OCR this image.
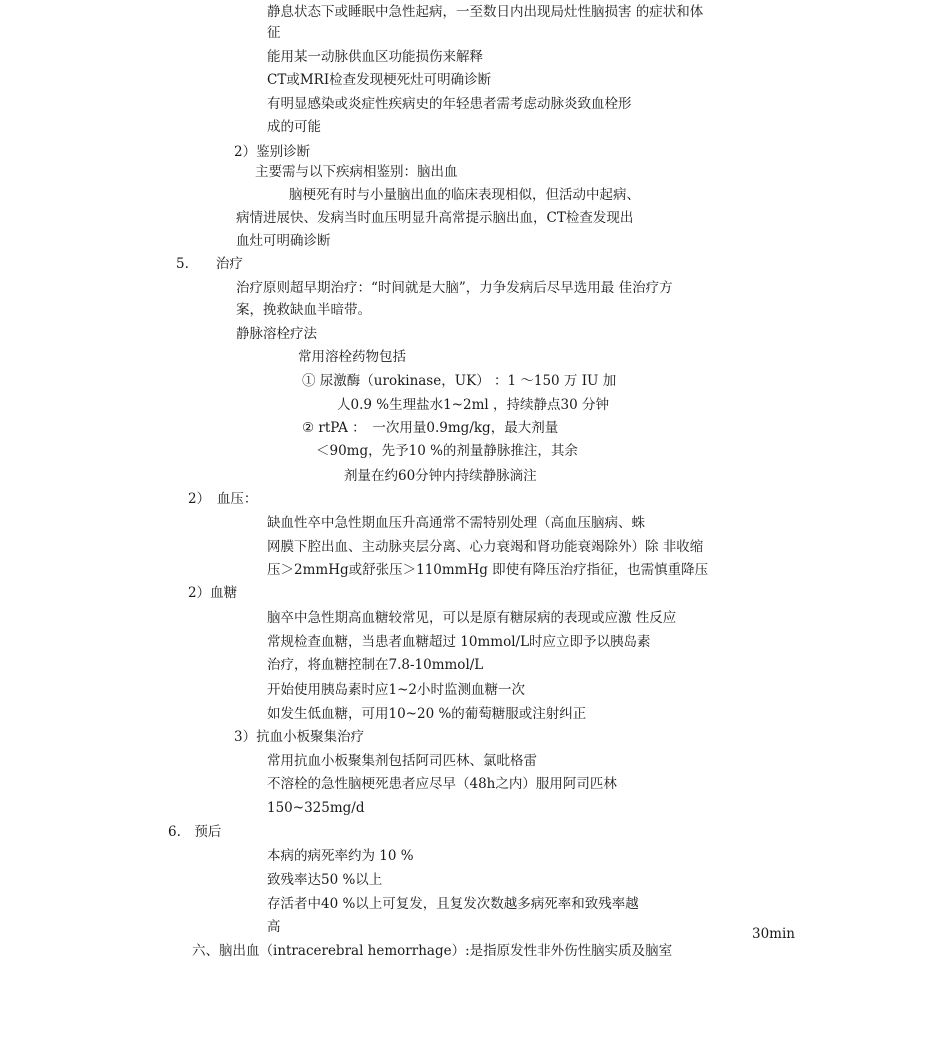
静息状态下或睡眠中急性起病，一至数日内出现局灶性脑损害 的症状和体
征
能用某一动脉供血区功能损伤来解释
CT或MRI检查发现梗死灶可明确诊断
有明显感染或炎症性疾病史的年轻患者需考虑动脉炎致血栓形
成的可能
2）鉴别诊断
主要需与以下疾病相鉴别：脑出血
脑梗死有时与小量脑出血的临床表现相似，但活动中起病、
病情进展快、发病当时血压明显升高常提示脑出血，CT检查发现出
血灶可明确诊断
5.　　治疗
治疗原则超早期治疗：“时间就是大脑”，力争发病后尽早选用最 佳治疗方
案，挽救缺血半暗带。
静脉溶栓疗法
常用溶栓药物包括
① 尿激酶（urokinase，UK） ：1 〜150 万 IU 加
人0.9 %生理盐水1~2ml ，持续静点30 分钟
② rtPA ：　一次用量0.9mg/kg，最大剂量
＜90mg，先予10 %的剂量静脉推注，其余
剂量在约60分钟内持续静脉滴注
2）　血压：
缺血性卒中急性期血压升高通常不需特别处理（高血压脑病、蛛
网膜下腔出血、主动脉夹层分离、心力衰竭和肾功能衰竭除外）除 非收缩
压＞2mmHg或舒张压＞110mmHg 即使有降压治疗指征，也需慎重降压
2）血糖
脑卒中急性期高血糖较常见，可以是原有糖尿病的表现或应激 性反应
常规检查血糖，当患者血糖超过 10mmol/L时应立即予以胰岛素
治疗，将血糖控制在7.8-10mmol/L
开始使用胰岛素时应1~2小时监测血糖一次
如发生低血糖，可用10~20 %的葡萄糖服或注射纠正
3）抗血小板聚集治疗
常用抗血小板聚集剂包括阿司匹林、氯吡格雷
不溶栓的急性脑梗死患者应尽早（48h之内）服用阿司匹林
150~325mg/d
6.　预后
本病的病死率约为 10 %
致残率达50 %以上
存活者中40 %以上可复发，且复发次数越多病死率和致残率越
高	30min
六、脑出血（intracerebral hemorrhage）:是指原发性非外伤性脑实质及脑室
